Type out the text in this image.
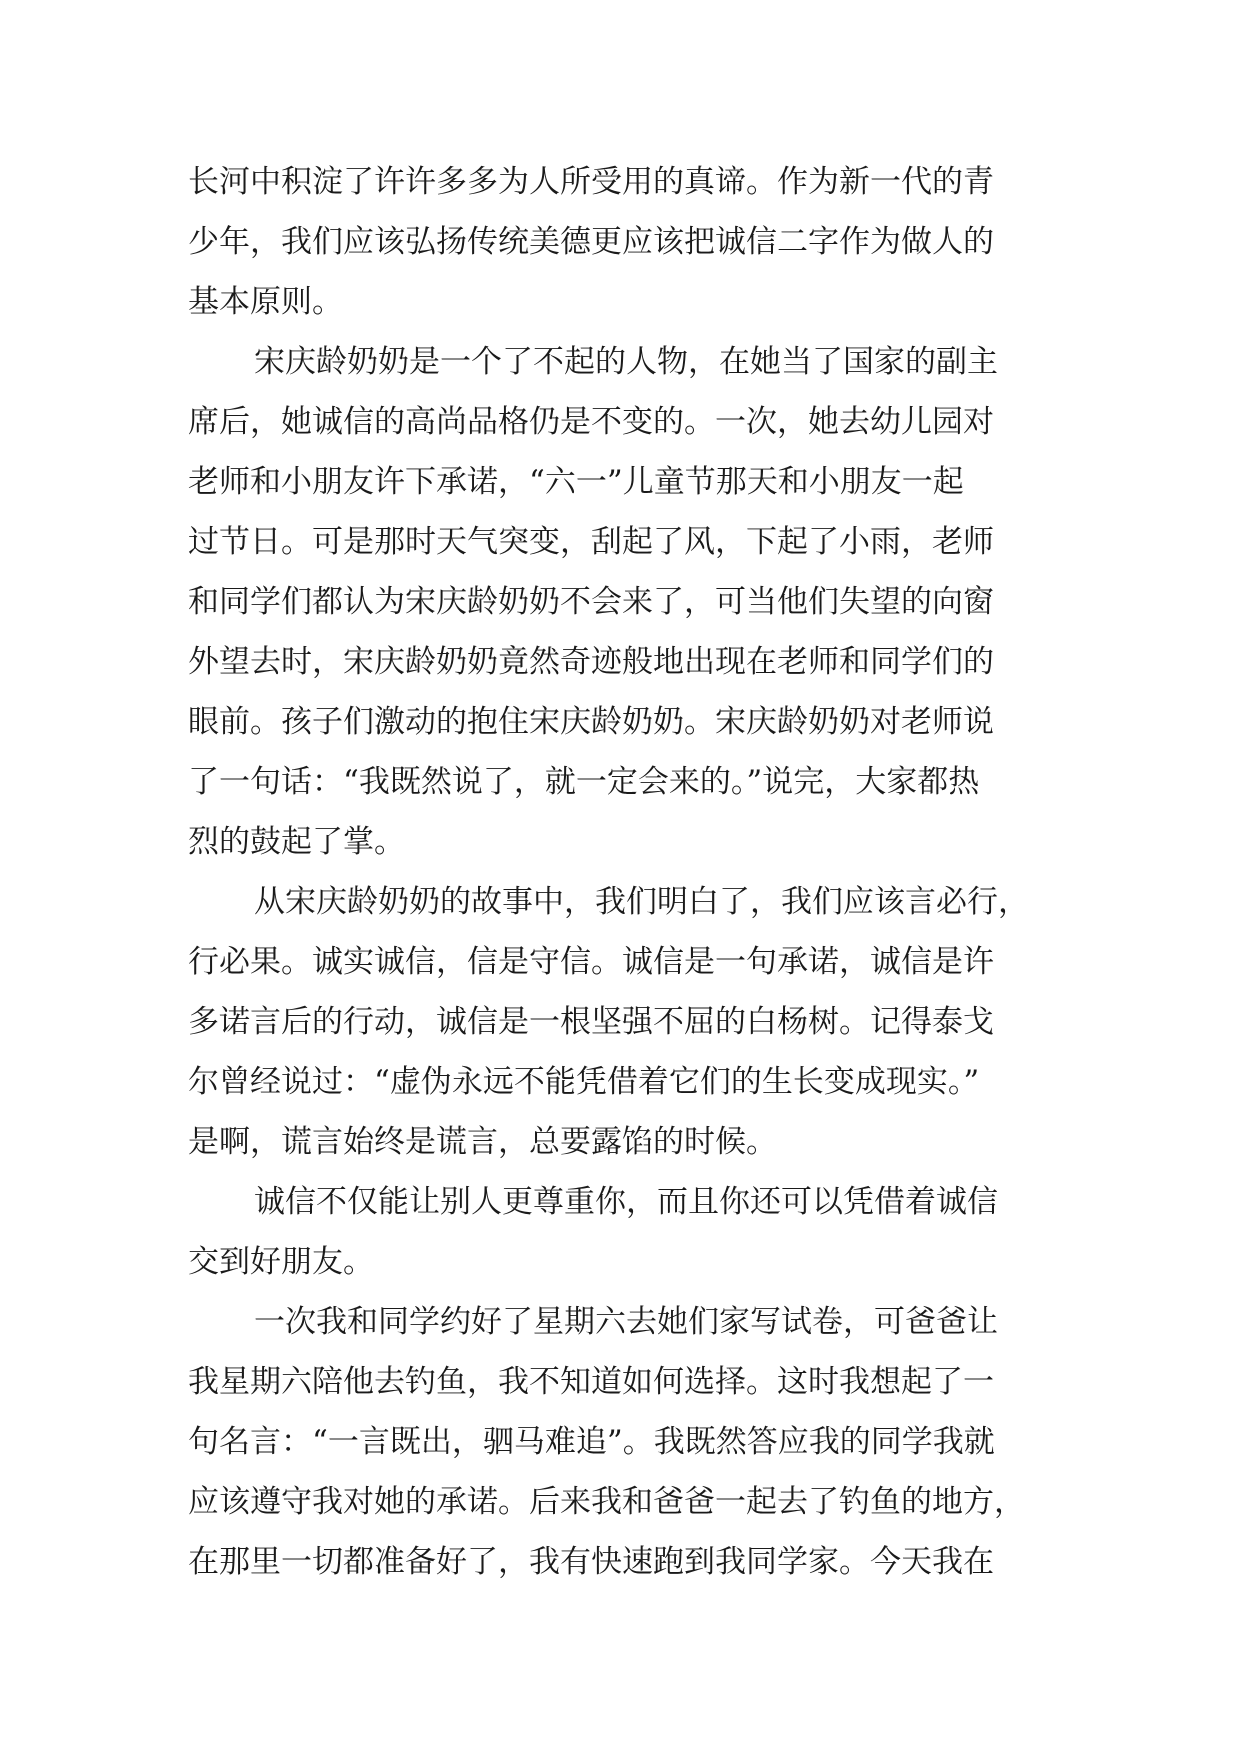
长河中积淀了许许多多为人所受用的真谛。作为新一代的青
少年，我们应该弘扬传统美德更应该把诚信二字作为做人的
基本原则。
宋庆龄奶奶是一个了不起的人物，在她当了国家的副主
席后，她诚信的高尚品格仍是不变的。一次，她去幼儿园对
老师和小朋友许下承诺，“六一”儿童节那天和小朋友一起
过节日。可是那时天气突变，刮起了风，下起了小雨，老师
和同学们都认为宋庆龄奶奶不会来了，可当他们失望的向窗
外望去时，宋庆龄奶奶竟然奇迹般地出现在老师和同学们的
眼前。孩子们激动的抱住宋庆龄奶奶。宋庆龄奶奶对老师说
了一句话：“我既然说了，就一定会来的。”说完，大家都热
烈的鼓起了掌。
从宋庆龄奶奶的故事中，我们明白了，我们应该言必行，
行必果。诚实诚信，信是守信。诚信是一句承诺，诚信是许
多诺言后的行动，诚信是一根坚强不屈的白杨树。记得泰戈
尔曾经说过：“虚伪永远不能凭借着它们的生长变成现实。”
是啊，谎言始终是谎言，总要露馅的时候。
诚信不仅能让别人更尊重你，而且你还可以凭借着诚信
交到好朋友。
一次我和同学约好了星期六去她们家写试卷，可爸爸让
我星期六陪他去钓鱼，我不知道如何选择。这时我想起了一
句名言：“一言既出，驷马难追”。我既然答应我的同学我就
应该遵守我对她的承诺。后来我和爸爸一起去了钓鱼的地方，
在那里一切都准备好了，我有快速跑到我同学家。今天我在
